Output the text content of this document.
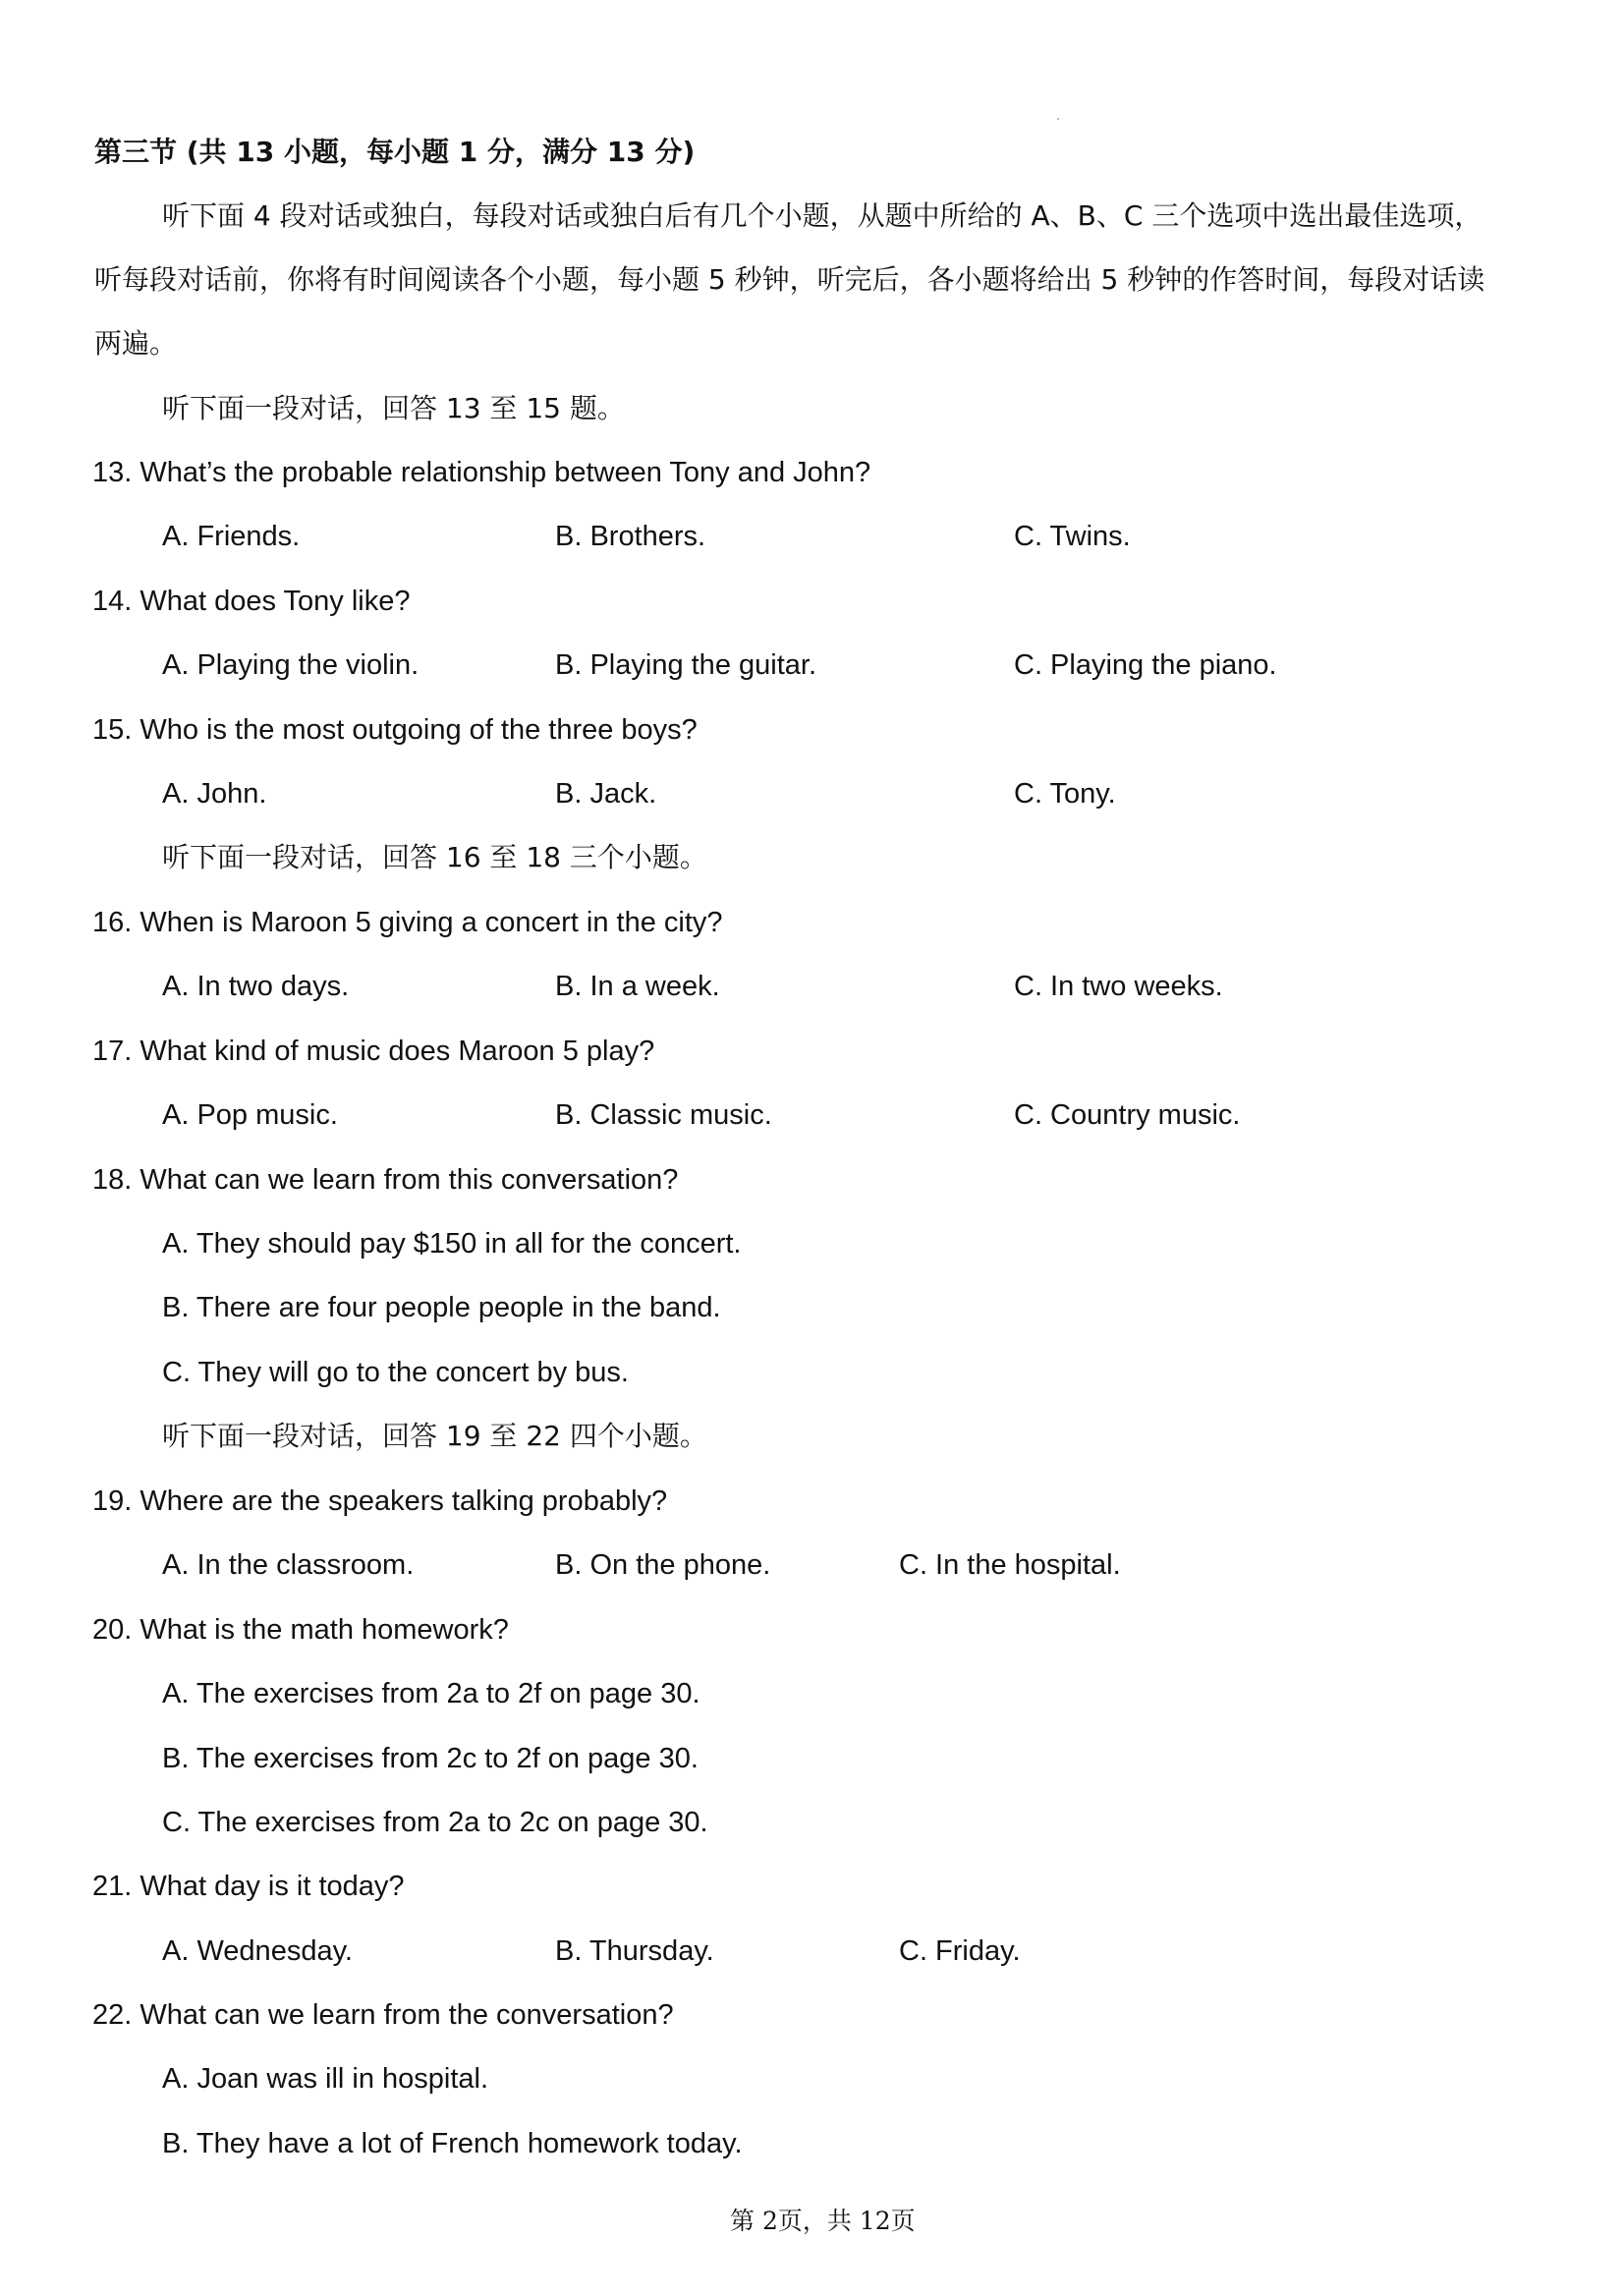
第三节 (共 13 小题，每小题 1 分，满分 13 分)
听下面 4 段对话或独白，每段对话或独白后有几个小题，从题中所给的 A、B、C 三个选项中选出最佳选项，
听每段对话前，你将有时间阅读各个小题，每小题 5 秒钟，听完后，各小题将给出 5 秒钟的作答时间，每段对话读
两遍。
听下面一段对话，回答 13 至 15 题。
13. What’s the probable relationship between Tony and John?
A. Friends.	B. Brothers.	C. Twins.
14. What does Tony like?
A. Playing the violin.	B. Playing the guitar.	C. Playing the piano.
15. Who is the most outgoing of the three boys?
A. John.	B. Jack.	C. Tony.
听下面一段对话，回答 16 至 18 三个小题。
16. When is Maroon 5 giving a concert in the city?
A. In two days.	B. In a week.	C. In two weeks.
17. What kind of music does Maroon 5 play?
A. Pop music.	B. Classic music.	C. Country music.
18. What can we learn from this conversation?
A. They should pay $150 in all for the concert.
B. There are four people people in the band.
C. They will go to the concert by bus.
听下面一段对话，回答 19 至 22 四个小题。
19. Where are the speakers talking probably?
A. In the classroom.	B. On the phone.	C. In the hospital.
20. What is the math homework?
A. The exercises from 2a to 2f on page 30.
B. The exercises from 2c to 2f on page 30.
C. The exercises from 2a to 2c on page 30.
21. What day is it today?
A. Wednesday.	B. Thursday.	C. Friday.
22. What can we learn from the conversation?
A. Joan was ill in hospital.
B. They have a lot of French homework today.
第 2页，共 12页
